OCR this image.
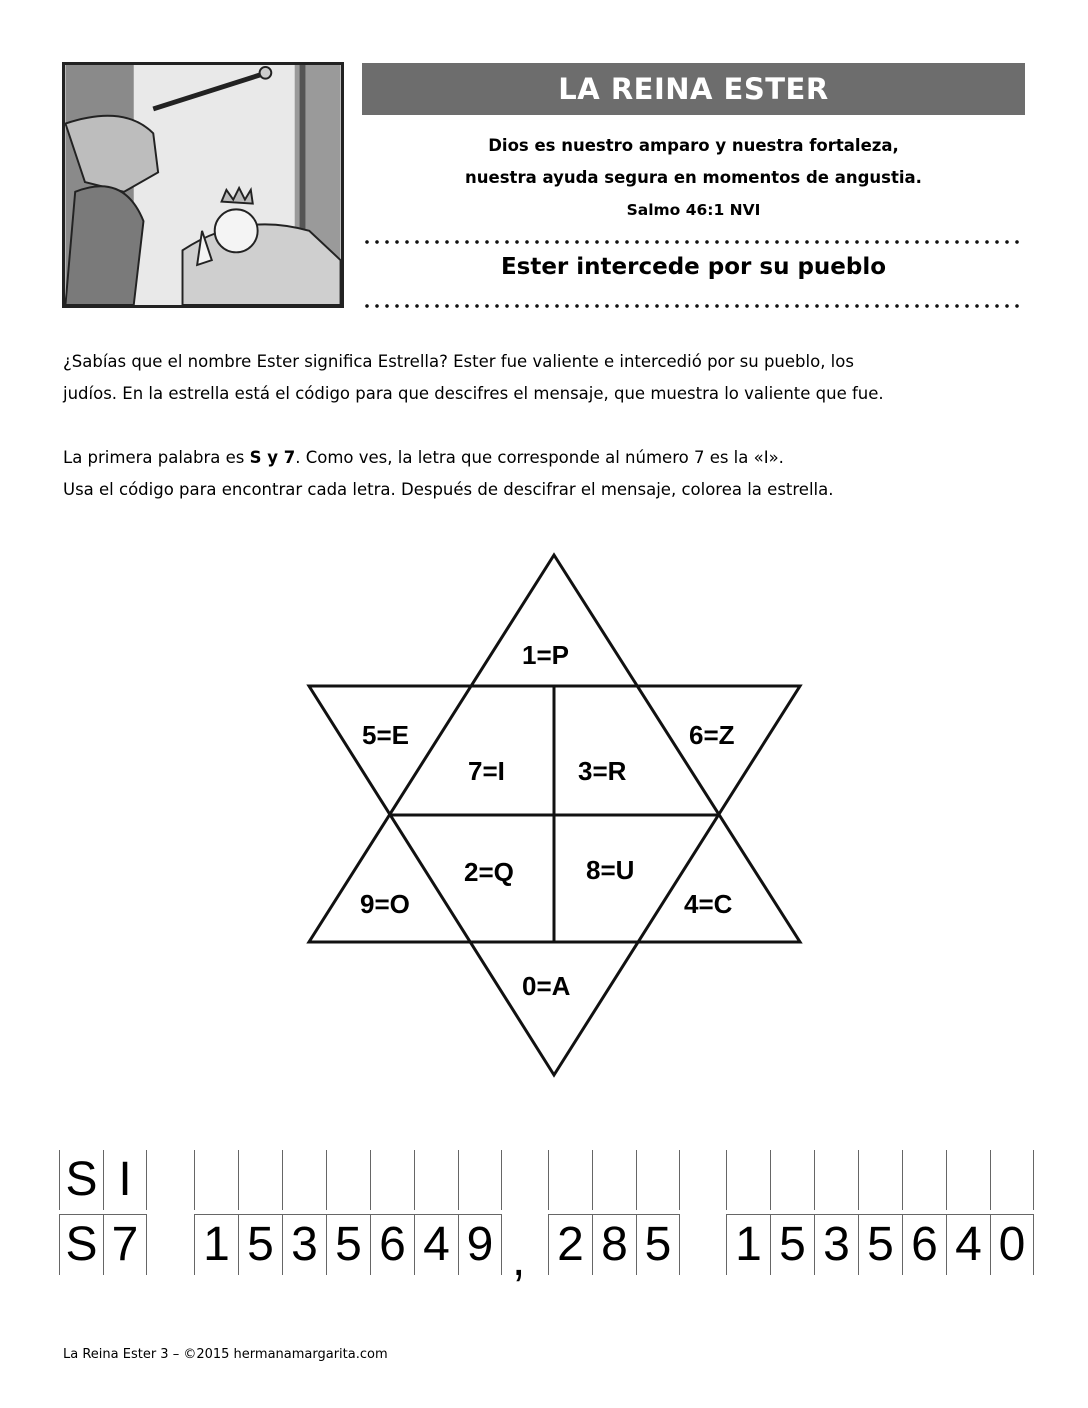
LA REINA ESTER
Dios es nuestro amparo y nuestra fortaleza,
nuestra ayuda segura en momentos de angustia.
Salmo 46:1 NVI
Ester intercede por su pueblo
¿Sabías que el nombre Ester significa Estrella? Ester fue valiente e intercedió por su pueblo, los
judíos. En la estrella está el código para que descifres el mensaje, que muestra lo valiente que fue.
La primera palabra es S y 7. Como ves, la letra que corresponde al número 7 es la «I».
Usa el código para encontrar cada letra. Después de descifrar el mensaje, colorea la estrella.
1=P
5=E	6=Z
7=I	3=R
2=Q	8=U
9=O	4=C
0=A
S I
S 7 1 5 3 5 6 4 9 , 2 8 5 1 5 3 5 6 4 0
La Reina Ester 3 – ©2015 hermanamargarita.com
